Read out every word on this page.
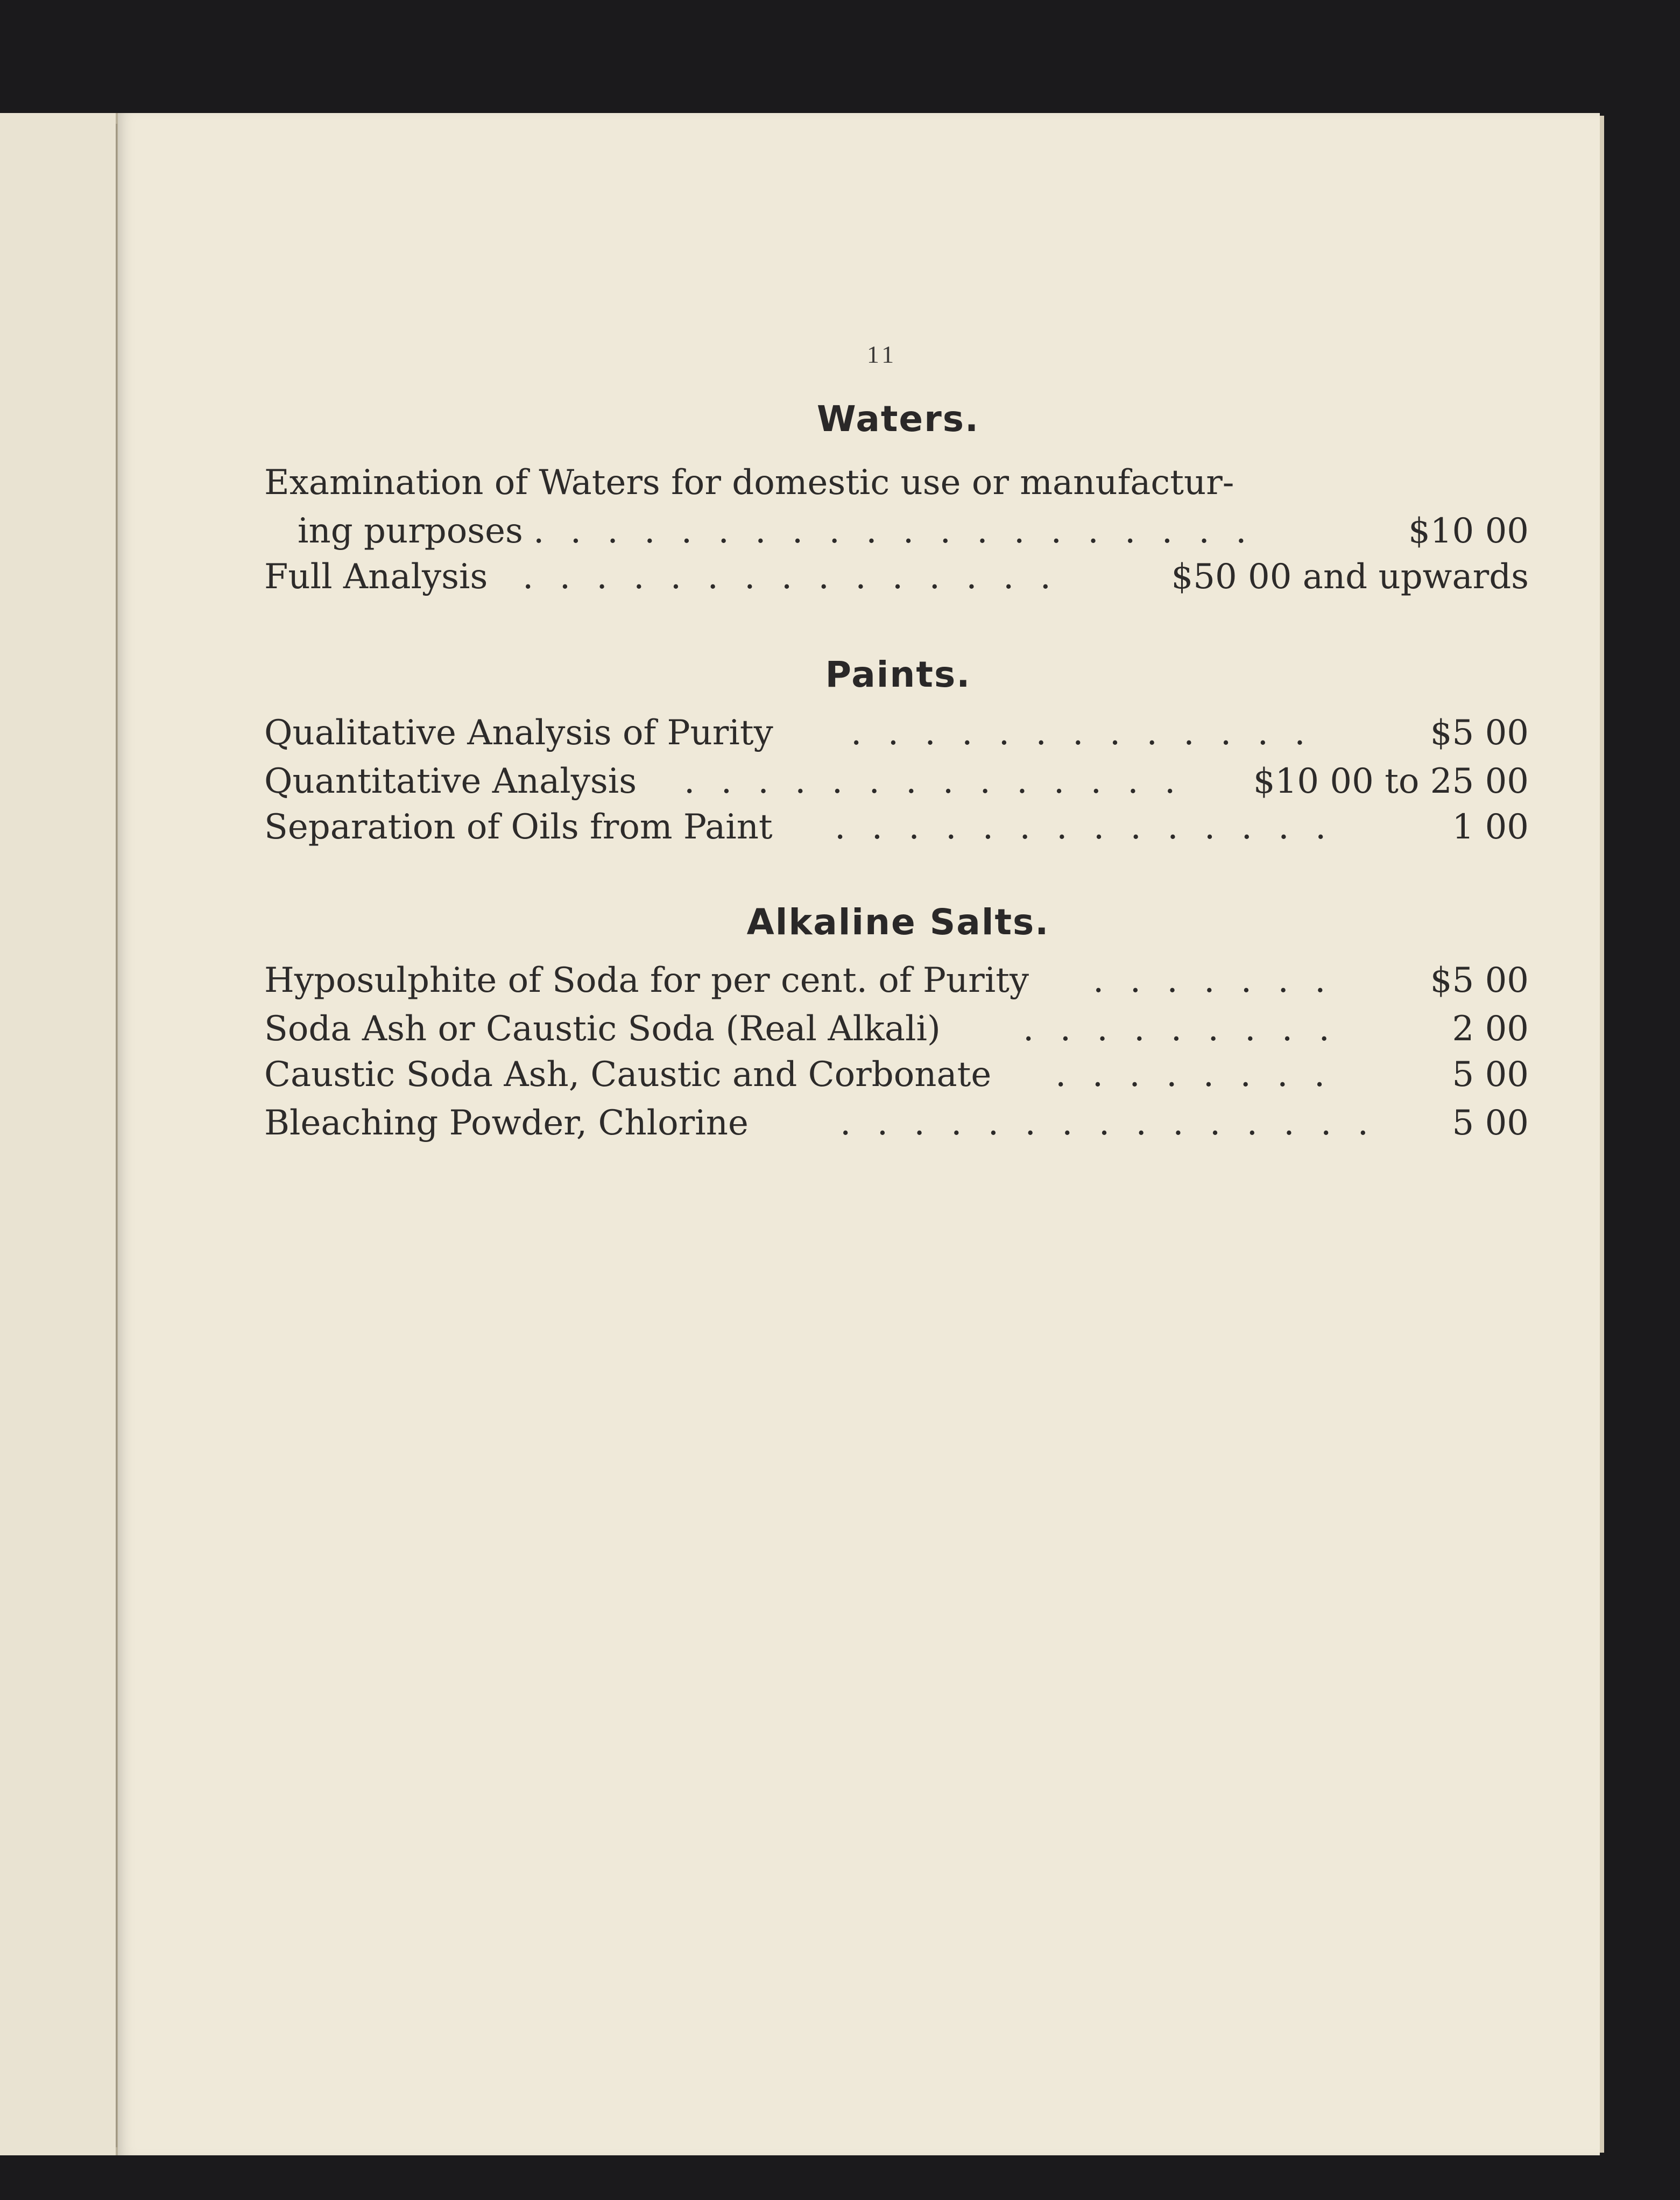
11
Waters.
Examination of Waters for domestic use or manufactur-
ing purposes . . . . . . . . . . . . . . . . . . . .	$10 00
Full Analysis . . . . . . . . . . . . . . .	$50 00 and upwards
Paints.
Qualitative Analysis of Purity . . . . . . . . . . . . .	$5 00
Quantitative Analysis . . . . . . . . . . . . . .	$10 00 to 25 00
Separation of Oils from Paint . . . . . . . . . . . . . .	1 00
Alkaline Salts.
Hyposulphite of Soda for per cent. of Purity . . . . . . .	$5 00
Soda Ash or Caustic Soda (Real Alkali) . . . . . . . . .	2 00
Caustic Soda Ash, Caustic and Corbonate . . . . . . . .	5 00
Bleaching Powder, Chlorine	. . . . . . . . . . . . . . .	5 00
